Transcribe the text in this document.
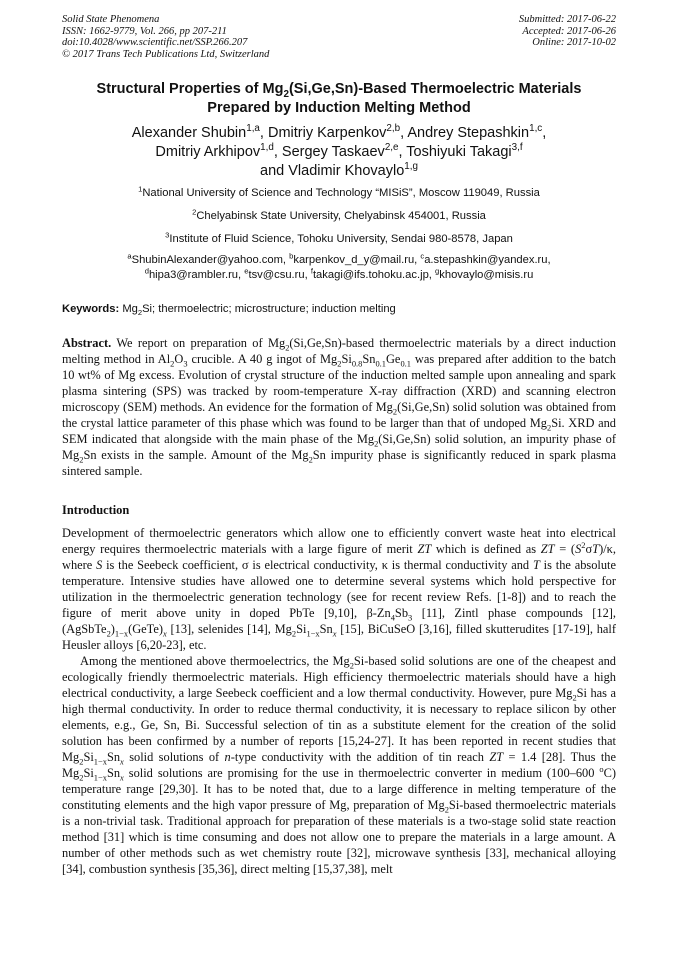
Solid State Phenomena
ISSN: 1662-9779, Vol. 266, pp 207-211
doi:10.4028/www.scientific.net/SSP.266.207
© 2017 Trans Tech Publications Ltd, Switzerland
Submitted: 2017-06-22
Accepted: 2017-06-26
Online: 2017-10-02
Structural Properties of $Mg_2(Si,Ge,Sn)$-Based Thermoelectric Materials
Prepared by Induction Melting Method
Alexander Shubin$^{1,a}$, Dmitriy Karpenkov$^{2,b}$, Andrey Stepashkin$^{1,c}$,
Dmitriy Arkhipov$^{1,d}$, Sergey Taskaev$^{2,e}$, Toshiyuki Takagi$^{3,f}$
and Vladimir Khovaylo$^{1,g}$
$^1$National University of Science and Technology “MISiS”, Moscow 119049, Russia
$^2$Chelyabinsk State University, Chelyabinsk 454001, Russia
$^3$Institute of Fluid Science, Tohoku University, Sendai 980-8578, Japan
$^a$ShubinAlexander@yahoo.com, $^b$karpenkov_d_y@mail.ru, $^c$a.stepashkin@yandex.ru,
$^d$hipa3@rambler.ru, $^e$tsv@csu.ru, $^f$takagi@ifs.tohoku.ac.jp, $^g$khovaylo@misis.ru
Keywords: $Mg_2Si$; thermoelectric; microstructure; induction melting
Abstract. We report on preparation of $Mg_2(Si,Ge,Sn)$-based thermoelectric materials by a direct induction melting method in $Al_2O_3$ crucible. A 40 g ingot of $Mg_2Si_{0.8}Sn_{0.1}Ge_{0.1}$ was prepared after addition to the batch 10 wt% of Mg excess. Evolution of crystal structure of the induction melted sample upon annealing and spark plasma sintering (SPS) was tracked by room-temperature X-ray diffraction (XRD) and scanning electron microscopy (SEM) methods. An evidence for the formation of $Mg_2(Si,Ge,Sn)$ solid solution was obtained from the crystal lattice parameter of this phase which was found to be larger than that of undoped $Mg_2Si$. XRD and SEM indicated that alongside with the main phase of the $Mg_2(Si,Ge,Sn)$ solid solution, an impurity phase of $Mg_2Sn$ exists in the sample. Amount of the $Mg_2Sn$ impurity phase is significantly reduced in spark plasma sintered sample.
Introduction
Development of thermoelectric generators which allow one to efficiently convert waste heat into electrical energy requires thermoelectric materials with a large figure of merit ZT which is defined as ZT = $(S^2\sigma T)/\kappa$, where S is the Seebeck coefficient, σ is electrical conductivity, κ is thermal conductivity and T is the absolute temperature. Intensive studies have allowed one to determine several systems which hold perspective for utilization in the thermoelectric generation technology (see for recent review Refs. [1-8]) and to reach the figure of merit above unity in doped PbTe [9,10], $\beta-Zn_4Sb_3$ [11], Zintl phase compounds [12], $(AgSbTe_2)_{1-x}(GeTe)_x$ [13], selenides [14], $Mg_2Si_{1-x}Sn_x$ [15], BiCuSeO [3,16], filled skutterudites [17-19], half Heusler alloys [6,20-23], etc.
Among the mentioned above thermoelectrics, the $Mg_2Si$-based solid solutions are one of the cheapest and ecologically friendly thermoelectric materials. High efficiency thermoelectric materials should have a high electrical conductivity, a large Seebeck coefficient and a low thermal conductivity. However, pure $Mg_2Si$ has a high thermal conductivity. In order to reduce thermal conductivity, it is necessary to replace silicon by other elements, e.g., Ge, Sn, Bi. Successful selection of tin as a substitute element for the creation of the solid solution has been confirmed by a number of reports [15,24-27]. It has been reported in recent studies that $Mg_2Si_{1-x}Sn_x$ solid solutions of n-type conductivity with the addition of tin reach ZT = 1.4 [28]. Thus the $Mg_2Si_{1-x}Sn_x$ solid solutions are promising for the use in thermoelectric converter in medium (100–600 $^o$C) temperature range [29,30]. It has to be noted that, due to a large difference in melting temperature of the constituting elements and the high vapor pressure of Mg, preparation of $Mg_2Si$-based thermoelectric materials is a non-trivial task. Traditional approach for preparation of these materials is a two-stage solid state reaction method [31] which is time consuming and does not allow one to prepare the materials in a large amount. A number of other methods such as wet chemistry route [32], microwave synthesis [33], mechanical alloying [34], combustion synthesis [35,36], direct melting [15,37,38], melt
